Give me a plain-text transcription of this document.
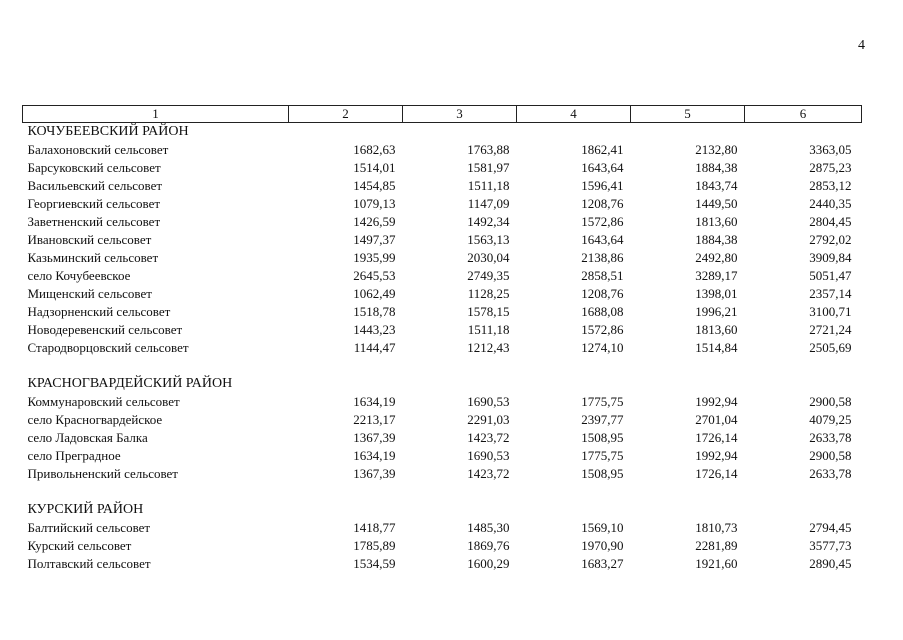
4
1	2	3	4	5	6
КОЧУБЕЕВСКИЙ РАЙОН					
Балахоновский сельсовет	1682,63	1763,88	1862,41	2132,80	3363,05
Барсуковский сельсовет	1514,01	1581,97	1643,64	1884,38	2875,23
Васильевский сельсовет	1454,85	1511,18	1596,41	1843,74	2853,12
Георгиевский сельсовет	1079,13	1147,09	1208,76	1449,50	2440,35
Заветненский сельсовет	1426,59	1492,34	1572,86	1813,60	2804,45
Ивановский сельсовет	1497,37	1563,13	1643,64	1884,38	2792,02
Казьминский сельсовет	1935,99	2030,04	2138,86	2492,80	3909,84
село Кочубеевское	2645,53	2749,35	2858,51	3289,17	5051,47
Мищенский сельсовет	1062,49	1128,25	1208,76	1398,01	2357,14
Надзорненский сельсовет	1518,78	1578,15	1688,08	1996,21	3100,71
Новодеревенский сельсовет	1443,23	1511,18	1572,86	1813,60	2721,24
Стародворцовский сельсовет	1144,47	1212,43	1274,10	1514,84	2505,69

КРАСНОГВАРДЕЙСКИЙ РАЙОН					
Коммунаровский сельсовет	1634,19	1690,53	1775,75	1992,94	2900,58
село Красногвардейское	2213,17	2291,03	2397,77	2701,04	4079,25
село Ладовская Балка	1367,39	1423,72	1508,95	1726,14	2633,78
село Преградное	1634,19	1690,53	1775,75	1992,94	2900,58
Привольненский сельсовет	1367,39	1423,72	1508,95	1726,14	2633,78

КУРСКИЙ РАЙОН					
Балтийский сельсовет	1418,77	1485,30	1569,10	1810,73	2794,45
Курский сельсовет	1785,89	1869,76	1970,90	2281,89	3577,73
Полтавский сельсовет	1534,59	1600,29	1683,27	1921,60	2890,45
